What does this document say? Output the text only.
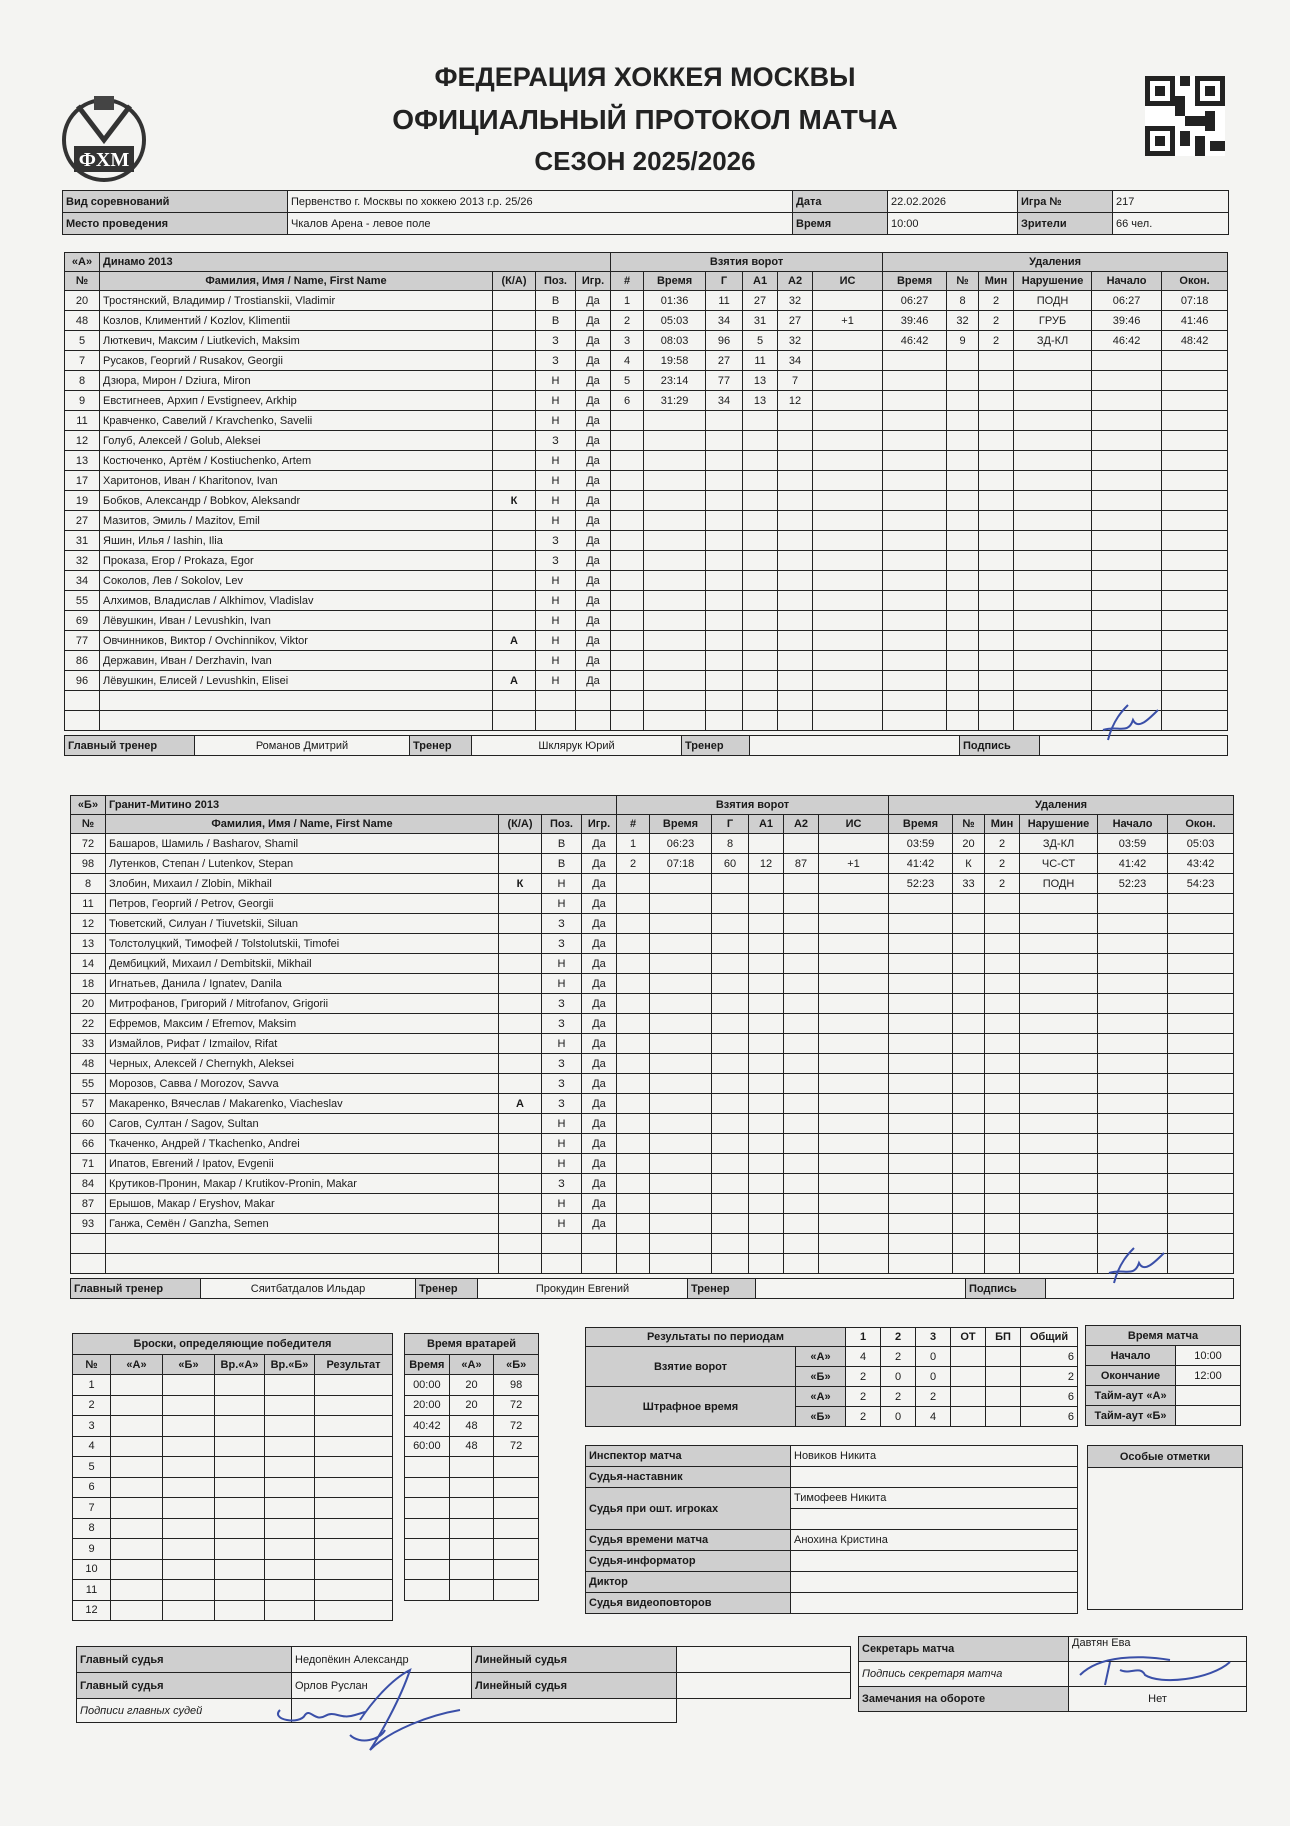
ФХМ
ФЕДЕРАЦИЯ ХОККЕЯ МОСКВЫ
ОФИЦИАЛЬНЫЙ ПРОТОКОЛ МАТЧА
СЕЗОН 2025/2026
Вид соревнований	Первенство г. Москвы по хоккею 2013 г.р. 25/26	Дата	22.02.2026	Игра №	217
Место проведения	Чкалов Арена - левое поле	Время	10:00	Зрители	66 чел.
«А»	Динамо 2013				Взятия ворот						Удаления					
№	Фамилия, Имя / Name, First Name	(К/А)	Поз.	Игр.	#	Время	Г	А1	А2	ИС	Время	№	Мин	Нарушение	Начало	Окон.
20	Тростянский, Владимир / Trostianskii, Vladimir		В	Да	1	01:36	11	27	32		06:27	8	2	ПОДН	06:27	07:18
48	Козлов, Климентий / Kozlov, Klimentii		В	Да	2	05:03	34	31	27	+1	39:46	32	2	ГРУБ	39:46	41:46
5	Люткевич, Максим / Liutkevich, Maksim		З	Да	3	08:03	96	5	32		46:42	9	2	ЗД-КЛ	46:42	48:42
7	Русаков, Георгий / Rusakov, Georgii		З	Да	4	19:58	27	11	34							
8	Дзюра, Мирон / Dziura, Miron		Н	Да	5	23:14	77	13	7							
9	Евстигнеев, Архип / Evstigneev, Arkhip		Н	Да	6	31:29	34	13	12							
11	Кравченко, Савелий / Kravchenko, Savelii		Н	Да												
12	Голуб, Алексей / Golub, Aleksei		З	Да												
13	Костюченко, Артём / Kostiuchenko, Artem		Н	Да												
17	Харитонов, Иван / Kharitonov, Ivan		Н	Да												
19	Бобков, Александр / Bobkov, Aleksandr	К	Н	Да												
27	Мазитов, Эмиль / Mazitov, Emil		Н	Да												
31	Яшин, Илья / Iashin, Ilia		З	Да												
32	Проказа, Егор / Prokaza, Egor		З	Да												
34	Соколов, Лев / Sokolov, Lev		Н	Да												
55	Алхимов, Владислав / Alkhimov, Vladislav		Н	Да												
69	Лёвушкин, Иван / Levushkin, Ivan		Н	Да												
77	Овчинников, Виктор / Ovchinnikov, Viktor	А	Н	Да												
86	Державин, Иван / Derzhavin, Ivan		Н	Да												
96	Лёвушкин, Елисей / Levushkin, Elisei	А	Н	Да												

Главный тренер	Романов Дмитрий	Тренер	Шклярук Юрий	Тренер		Подпись	
«Б»	Гранит-Митино 2013				Взятия ворот						Удаления					
№	Фамилия, Имя / Name, First Name	(К/А)	Поз.	Игр.	#	Время	Г	А1	А2	ИС	Время	№	Мин	Нарушение	Начало	Окон.
72	Башаров, Шамиль / Basharov, Shamil		В	Да	1	06:23	8				03:59	20	2	ЗД-КЛ	03:59	05:03
98	Лутенков, Степан / Lutenkov, Stepan		В	Да	2	07:18	60	12	87	+1	41:42	К	2	ЧС-СТ	41:42	43:42
8	Злобин, Михаил / Zlobin, Mikhail	К	Н	Да							52:23	33	2	ПОДН	52:23	54:23
11	Петров, Георгий / Petrov, Georgii		Н	Да												
12	Тюветский, Силуан / Tiuvetskii, Siluan		З	Да												
13	Толстолуцкий, Тимофей / Tolstolutskii, Timofei		З	Да												
14	Дембицкий, Михаил / Dembitskii, Mikhail		Н	Да												
18	Игнатьев, Данила / Ignatev, Danila		Н	Да												
20	Митрофанов, Григорий / Mitrofanov, Grigorii		З	Да												
22	Ефремов, Максим / Efremov, Maksim		З	Да												
33	Измайлов, Рифат / Izmailov, Rifat		Н	Да												
48	Черных, Алексей / Chernykh, Aleksei		З	Да												
55	Морозов, Савва / Morozov, Savva		З	Да												
57	Макаренко, Вячеслав / Makarenko, Viacheslav	А	З	Да												
60	Сагов, Султан / Sagov, Sultan		Н	Да												
66	Ткаченко, Андрей / Tkachenko, Andrei		Н	Да												
71	Ипатов, Евгений / Ipatov, Evgenii		Н	Да												
84	Крутиков-Пронин, Макар / Krutikov-Pronin, Makar		З	Да												
87	Ерышов, Макар / Eryshov, Makar		Н	Да												
93	Ганжа, Семён / Ganzha, Semen		Н	Да												

Главный тренер	Сяитбатдалов Ильдар	Тренер	Прокудин Евгений	Тренер		Подпись	
Броски, определяющие победителя					
№	«А»	«Б»	Вр.«А»	Вр.«Б»	Результат
1					
2					
3					
4					
5					
6					
7					
8					
9					
10					
11					
12					
Время вратарей		
Время	«А»	«Б»
00:00	20	98
20:00	20	72
40:42	48	72
60:00	48	72

Результаты по периодам		1	2	3	ОТ	БП	Общий
Взятие ворот	«А»	4	2	0			6
	«Б»	2	0	0			2
Штрафное время	«А»	2	2	2			6
	«Б»	2	0	4			6
Время матча	
Начало	10:00
Окончание	12:00
Тайм-аут «А»	
Тайм-аут «Б»	
Инспектор матча	Новиков Никита
Судья-наставник	
Судья при ошт. игроках	Тимофеев Никита

Судья времени матча	Анохина Кристина
Судья-информатор	
Диктор	
Судья видеоповторов	
Особые отметки

Главный судья	Недопёкин Александр	Линейный судья	
Главный судья	Орлов Руслан	Линейный судья	
Подписи главных судей			
Секретарь матча	Давтян Ева
Подпись секретаря матча	
Замечания на обороте	Нет
